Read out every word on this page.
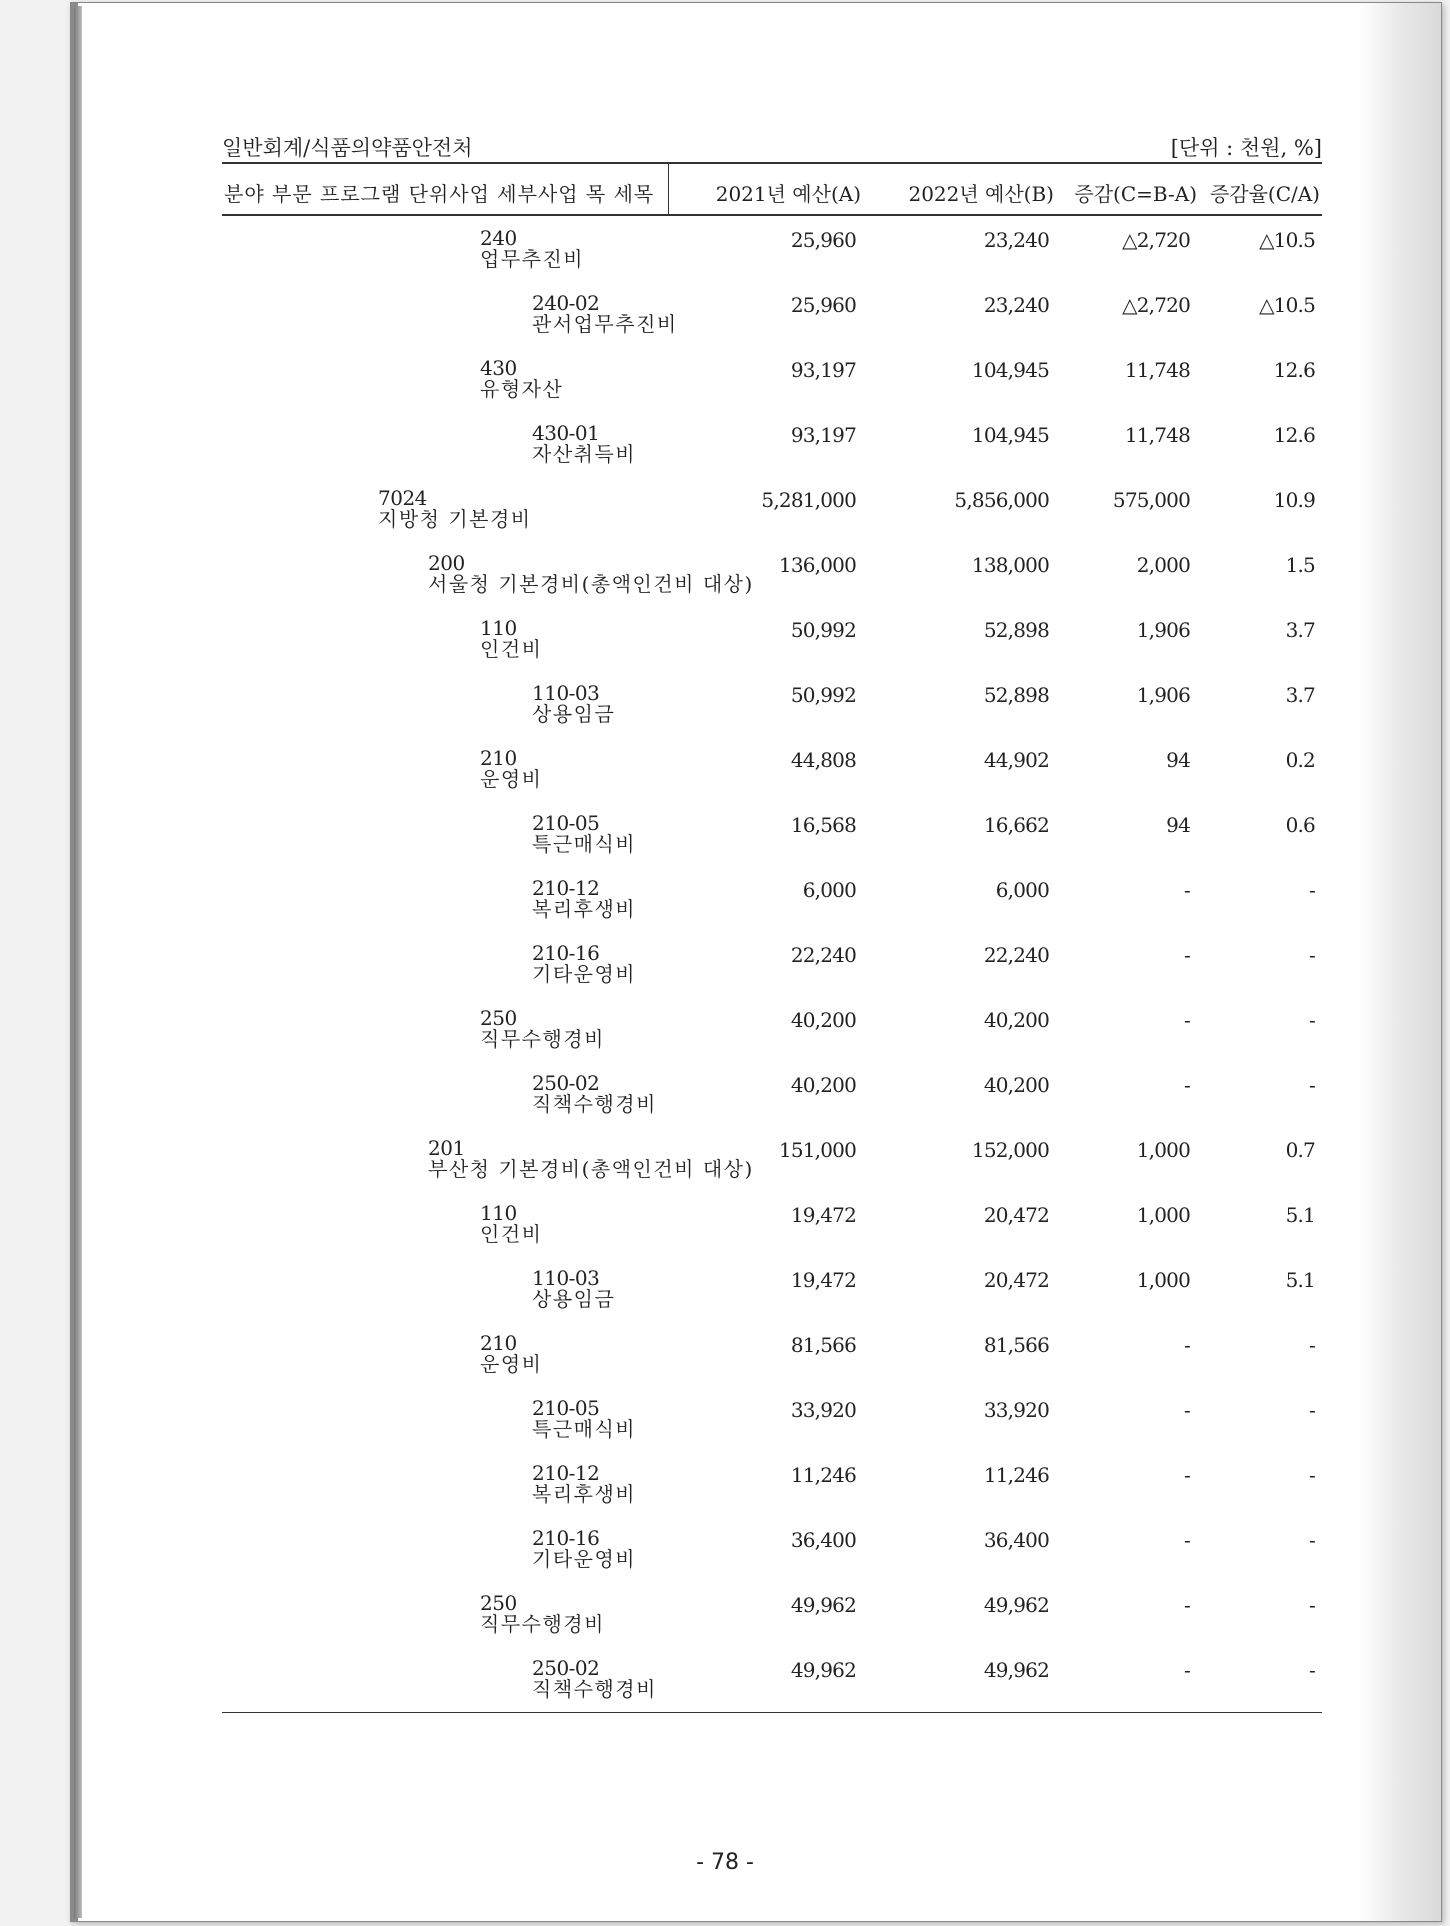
일반회계/식품의약품안전처	[단위 : 천원, %]
분야 부문 프로그램 단위사업 세부사업 목 세목	2021년 예산(A) 2022년 예산(B) 증감(C=B-A) 증감율(C/A)
240
업무추진비
25,960	23,240	△2,720	△10.5
240-02
관서업무추진비
25,960	23,240	△2,720	△10.5
430
유형자산
93,197	104,945	11,748	12.6
430-01
자산취득비
93,197	104,945	11,748	12.6
7024
지방청 기본경비
5,281,000	5,856,000	575,000	10.9
200
서울청 기본경비(총액인건비 대상)
136,000	138,000	2,000	1.5
110
인건비
50,992	52,898	1,906	3.7
110-03
상용임금
50,992	52,898	1,906	3.7
210
운영비
44,808	44,902	94	0.2
210-05
특근매식비
16,568	16,662	94	0.6
210-12
복리후생비
6,000	6,000	-	-
210-16
기타운영비
22,240	22,240	-	-
250
직무수행경비
40,200	40,200	-	-
250-02
직책수행경비
40,200	40,200	-	-
201
부산청 기본경비(총액인건비 대상)
151,000	152,000	1,000	0.7
110
인건비
19,472	20,472	1,000	5.1
110-03
상용임금
19,472	20,472	1,000	5.1
210
운영비
81,566	81,566	-	-
210-05
특근매식비
33,920	33,920	-	-
210-12
복리후생비
11,246	11,246	-	-
210-16
기타운영비
36,400	36,400	-	-
250
직무수행경비
49,962	49,962	-	-
250-02
직책수행경비
49,962	49,962	-	-
- 78 -
